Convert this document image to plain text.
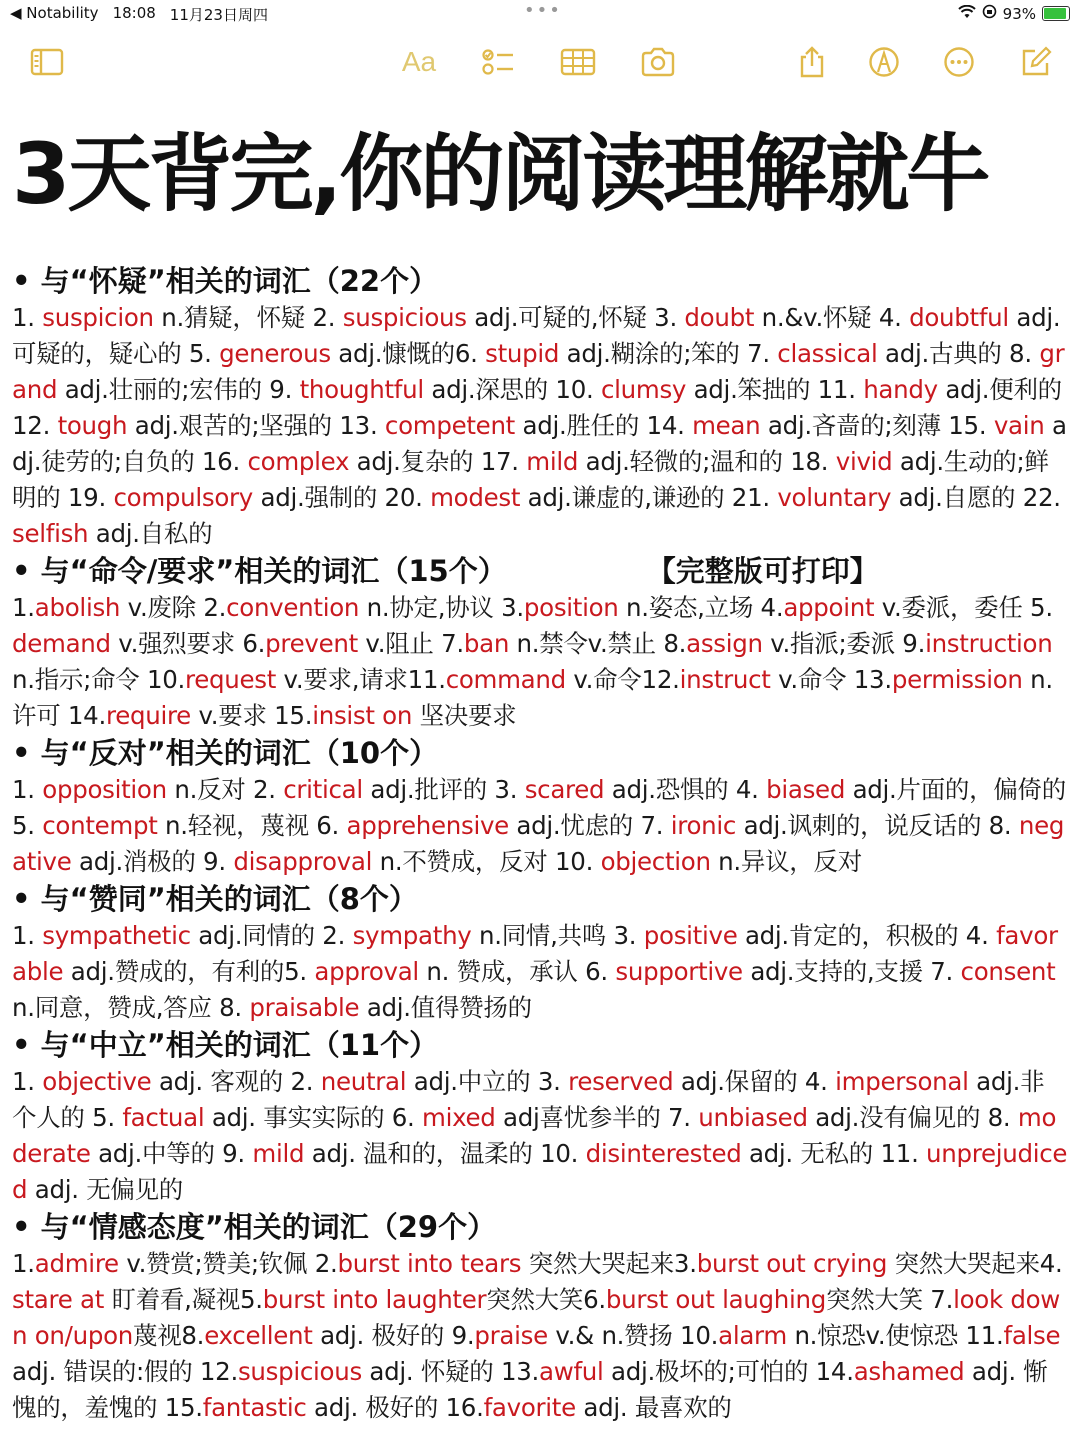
◀ Notability 18:08 11月23日周四	•••	93%
Aa
3天背完,你的阅读理解就牛
• 与“怀疑”相关的词汇（22个）
1. suspicion n.猜疑，怀疑 2. suspicious adj.可疑的,怀疑 3. doubt n.&v.怀疑 4. doubtful adj.可疑的，疑心的 5. generous adj.慷慨的6. stupid adj.糊涂的;笨的 7. classical adj.古典的 8. grand adj.壮丽的;宏伟的 9. thoughtful adj.深思的 10. clumsy adj.笨拙的 11. handy adj.便利的 12. tough adj.艰苦的;坚强的 13. competent adj.胜任的 14. mean adj.吝啬的;刻薄 15. vain adj.徒劳的;自负的 16. complex adj.复杂的 17. mild adj.轻微的;温和的 18. vivid adj.生动的;鲜明的 19. compulsory adj.强制的 20. modest adj.谦虚的,谦逊的 21. voluntary adj.自愿的 22. selfish adj.自私的
• 与“命令/要求”相关的词汇（15个）	【完整版可打印】
1.abolish v.废除 2.convention n.协定,协议 3.position n.姿态,立场 4.appoint v.委派，委任 5.demand v.强烈要求 6.prevent v.阻止 7.ban n.禁令v.禁止 8.assign v.指派;委派 9.instruction n.指示;命令 10.request v.要求,请求11.command v.命令12.instruct v.命令 13.permission n.许可 14.require v.要求 15.insist on 坚决要求
• 与“反对”相关的词汇（10个）
1. opposition n.反对 2. critical adj.批评的 3. scared adj.恐惧的 4. biased adj.片面的，偏倚的 5. contempt n.轻视，蔑视 6. apprehensive adj.忧虑的 7. ironic adj.讽刺的，说反话的 8. negative adj.消极的 9. disapproval n.不赞成，反对 10. objection n.异议，反对
• 与“赞同”相关的词汇（8个）
1. sympathetic adj.同情的 2. sympathy n.同情,共鸣 3. positive adj.肯定的，积极的 4. favorable adj.赞成的，有利的5. approval n. 赞成，承认 6. supportive adj.支持的,支援 7. consent n.同意，赞成,答应 8. praisable adj.值得赞扬的
• 与“中立”相关的词汇（11个）
1. objective adj. 客观的 2. neutral adj.中立的 3. reserved adj.保留的 4. impersonal adj.非个人的 5. factual adj. 事实实际的 6. mixed adj喜忧参半的 7. unbiased adj.没有偏见的 8. moderate adj.中等的 9. mild adj. 温和的，温柔的 10. disinterested adj. 无私的 11. unprejudiced adj. 无偏见的
• 与“情感态度”相关的词汇（29个）
1.admire v.赞赏;赞美;钦佩 2.burst into tears 突然大哭起来3.burst out crying 突然大哭起来4.stare at 盯着看,凝视5.burst into laughter突然大笑6.burst out laughing突然大笑 7.look down on/upon蔑视8.excellent adj. 极好的 9.praise v.& n.赞扬 10.alarm n.惊恐v.使惊恐 11.false adj. 错误的:假的 12.suspicious adj. 怀疑的 13.awful adj.极坏的;可怕的 14.ashamed adj. 惭愧的，羞愧的 15.fantastic adj. 极好的 16.favorite adj. 最喜欢的
